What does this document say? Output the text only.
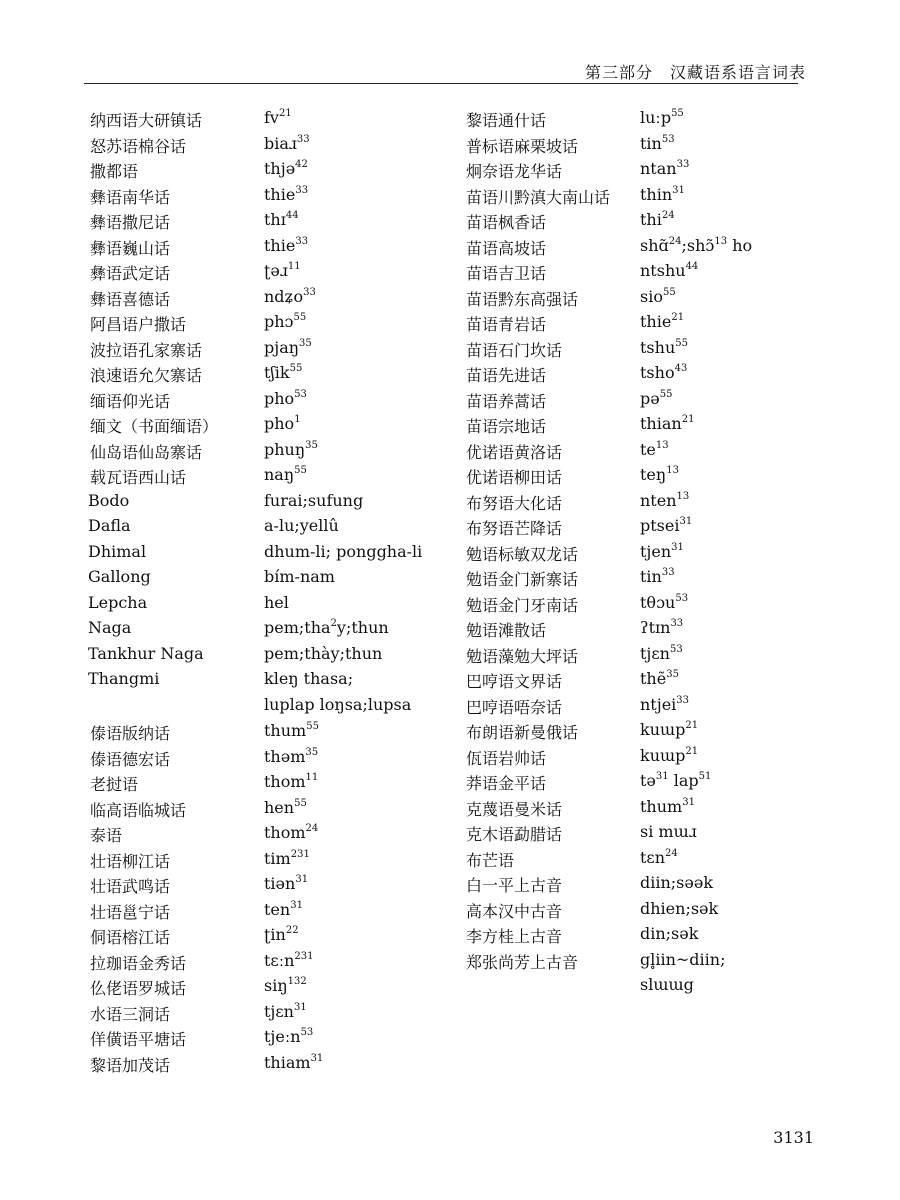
第三部分　汉藏语系语言词表
纳西语大研镇话	$fv^{21}$
怒苏语棉谷话	biaɹ$^{33}$
撒都语	thjə$^{42}$
彝语南华话	thie$^{33}$
彝语撒尼话	thɪ$^{44}$
彝语巍山话	thie$^{33}$
彝语武定话	ʈəɹ$^{11}$
彝语喜德话	ndʑo$^{33}$
阿昌语户撒话	phɔ$^{55}$
波拉语孔家寨话	pjaŋ$^{35}$
浪速语允欠寨话	tʃik$^{55}$
缅语仰光话	pho$^{53}$
缅文（书面缅语）	pho$^1$
仙岛语仙岛寨话	phuŋ$^{35}$
载瓦语西山话	naŋ$^{55}$
Bodo	furai;sufung
Dafla	a-lu;yellû
Dhimal	dhum-li; ponggha-li
Gallong	bím-nam
Lepcha	hel
Naga	pem;tha$^2$y;thun
Tankhur Naga	pem;thày;thun
Thangmi	kleŋ thasa;
luplap loŋsa;lupsa
傣语版纳话	thum$^{55}$
傣语德宏话	thəm$^{35}$
老挝语	thom$^{11}$
临高语临城话	hen$^{55}$
泰语	thom$^{24}$
壮语柳江话	tim$^{231}$
壮语武鸣话	tiən$^{31}$
壮语邕宁话	ten$^{31}$
侗语榕江话	ʈin$^{22}$
拉珈语金秀话	tɛːn$^{231}$
仫佬语罗城话	siŋ$^{132}$
水语三洞话	tjɛn$^{31}$
佯僙语平塘话	tjeːn$^{53}$
黎语加茂话	thiam$^{31}$
黎语通什话	luːp$^{55}$
普标语麻栗坡话	tin$^{53}$
炯奈语龙华话	ntan$^{33}$
苗语川黔滇大南山话 thin$^{31}$
苗语枫香话	thi$^{24}$
苗语高坡话	shɑ̃$^{24}$;shɔ̃$^{13}$ ho
苗语吉卫话	ntshu$^{44}$
苗语黔东高强话	sio$^{55}$
苗语青岩话	thie$^{21}$
苗语石门坎话	tshu$^{55}$
苗语先进话	tsho$^{43}$
苗语养蒿话	pə$^{55}$
苗语宗地话	thian$^{21}$
优诺语黄洛话	$te^{13}$
优诺语柳田话	teŋ$^{13}$
布努语大化话	nten$^{13}$
布努语芒降话	ptsei$^{31}$
勉语标敏双龙话	tjen$^{31}$
勉语金门新寨话	tin$^{33}$
勉语金门牙南话	tθɔu$^{53}$
勉语滩散话	ʔtɪn$^{33}$
勉语藻勉大坪话	tjɛn$^{53}$
巴哼语文界话	thẽ$^{35}$
巴哼语唔奈话	ntjei$^{33}$
布朗语新曼俄话	kuɯp$^{21}$
佤语岩帅话	kuɯp$^{21}$
莽语金平话	tə$^{31}$ lap$^{51}$
克蔑语曼米话	thum$^{31}$
克木语勐腊话	si mɯɹ
布芒语	tɛn$^{24}$
白一平上古音	diin;səək
高本汉中古音	dhien;sək
李方桂上古音	din;sək
郑张尚芳上古音	gl̥iin~diin;
slɯɯg
3131
